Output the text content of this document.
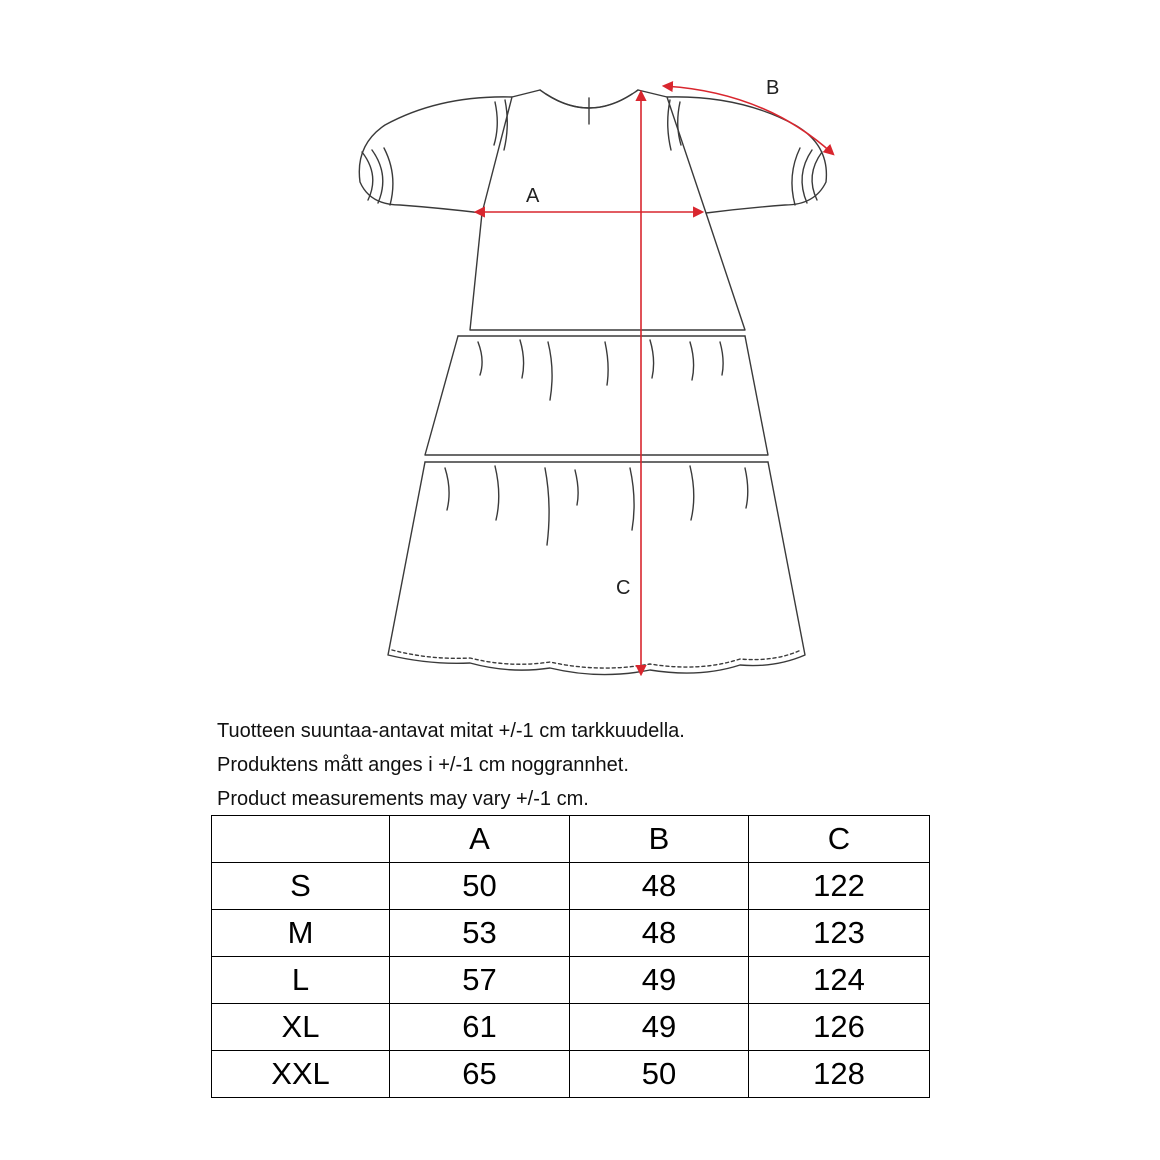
A
B
C
Tuotteen suuntaa-antavat mitat +/-1 cm tarkkuudella.
Produktens mått anges i +/-1 cm noggrannhet.
Product measurements may vary +/-1 cm.
	A	B	C
S	50	48	122
M	53	48	123
L	57	49	124
XL	61	49	126
XXL	65	50	128
